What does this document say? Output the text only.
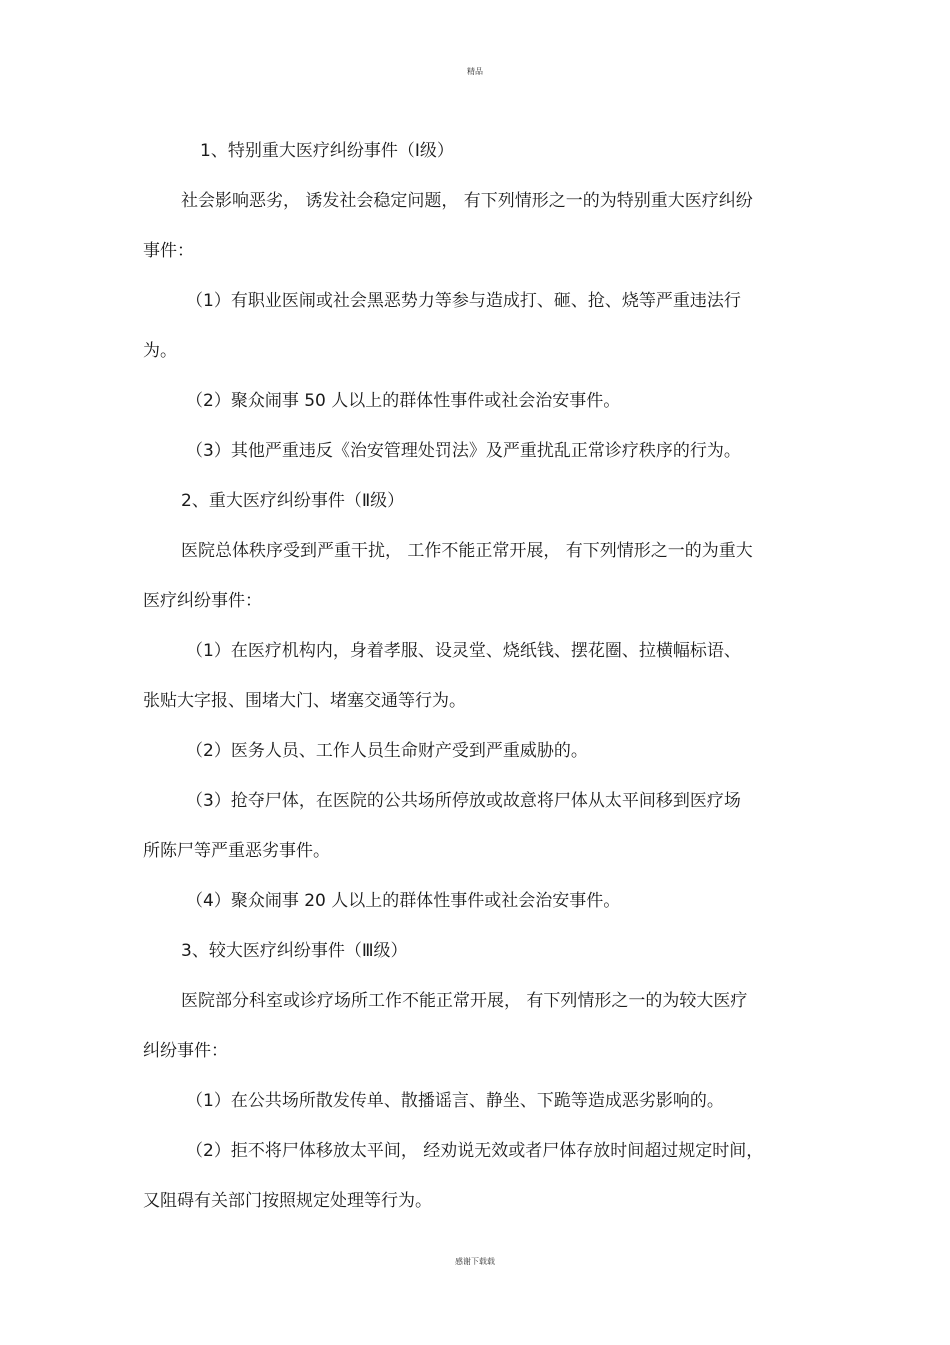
精品
1、特别重大医疗纠纷事件（Ⅰ级）
社会影响恶劣， 诱发社会稳定问题， 有下列情形之一的为特别重大医疗纠纷
事件：
（1）有职业医闹或社会黑恶势力等参与造成打、砸、抢、烧等严重违法行
为。
（2）聚众闹事 50 人以上的群体性事件或社会治安事件。
（3）其他严重违反《治安管理处罚法》及严重扰乱正常诊疗秩序的行为。
2、重大医疗纠纷事件（Ⅱ级）
医院总体秩序受到严重干扰， 工作不能正常开展， 有下列情形之一的为重大
医疗纠纷事件：
（1）在医疗机构内，身着孝服、设灵堂、烧纸钱、摆花圈、拉横幅标语、
张贴大字报、围堵大门、堵塞交通等行为。
（2）医务人员、工作人员生命财产受到严重威胁的。
（3）抢夺尸体，在医院的公共场所停放或故意将尸体从太平间移到医疗场
所陈尸等严重恶劣事件。
（4）聚众闹事 20 人以上的群体性事件或社会治安事件。
3、较大医疗纠纷事件（Ⅲ级）
医院部分科室或诊疗场所工作不能正常开展， 有下列情形之一的为较大医疗
纠纷事件：
（1）在公共场所散发传单、散播谣言、静坐、下跪等造成恶劣影响的。
（2）拒不将尸体移放太平间， 经劝说无效或者尸体存放时间超过规定时间，
又阻碍有关部门按照规定处理等行为。
感谢下载载
